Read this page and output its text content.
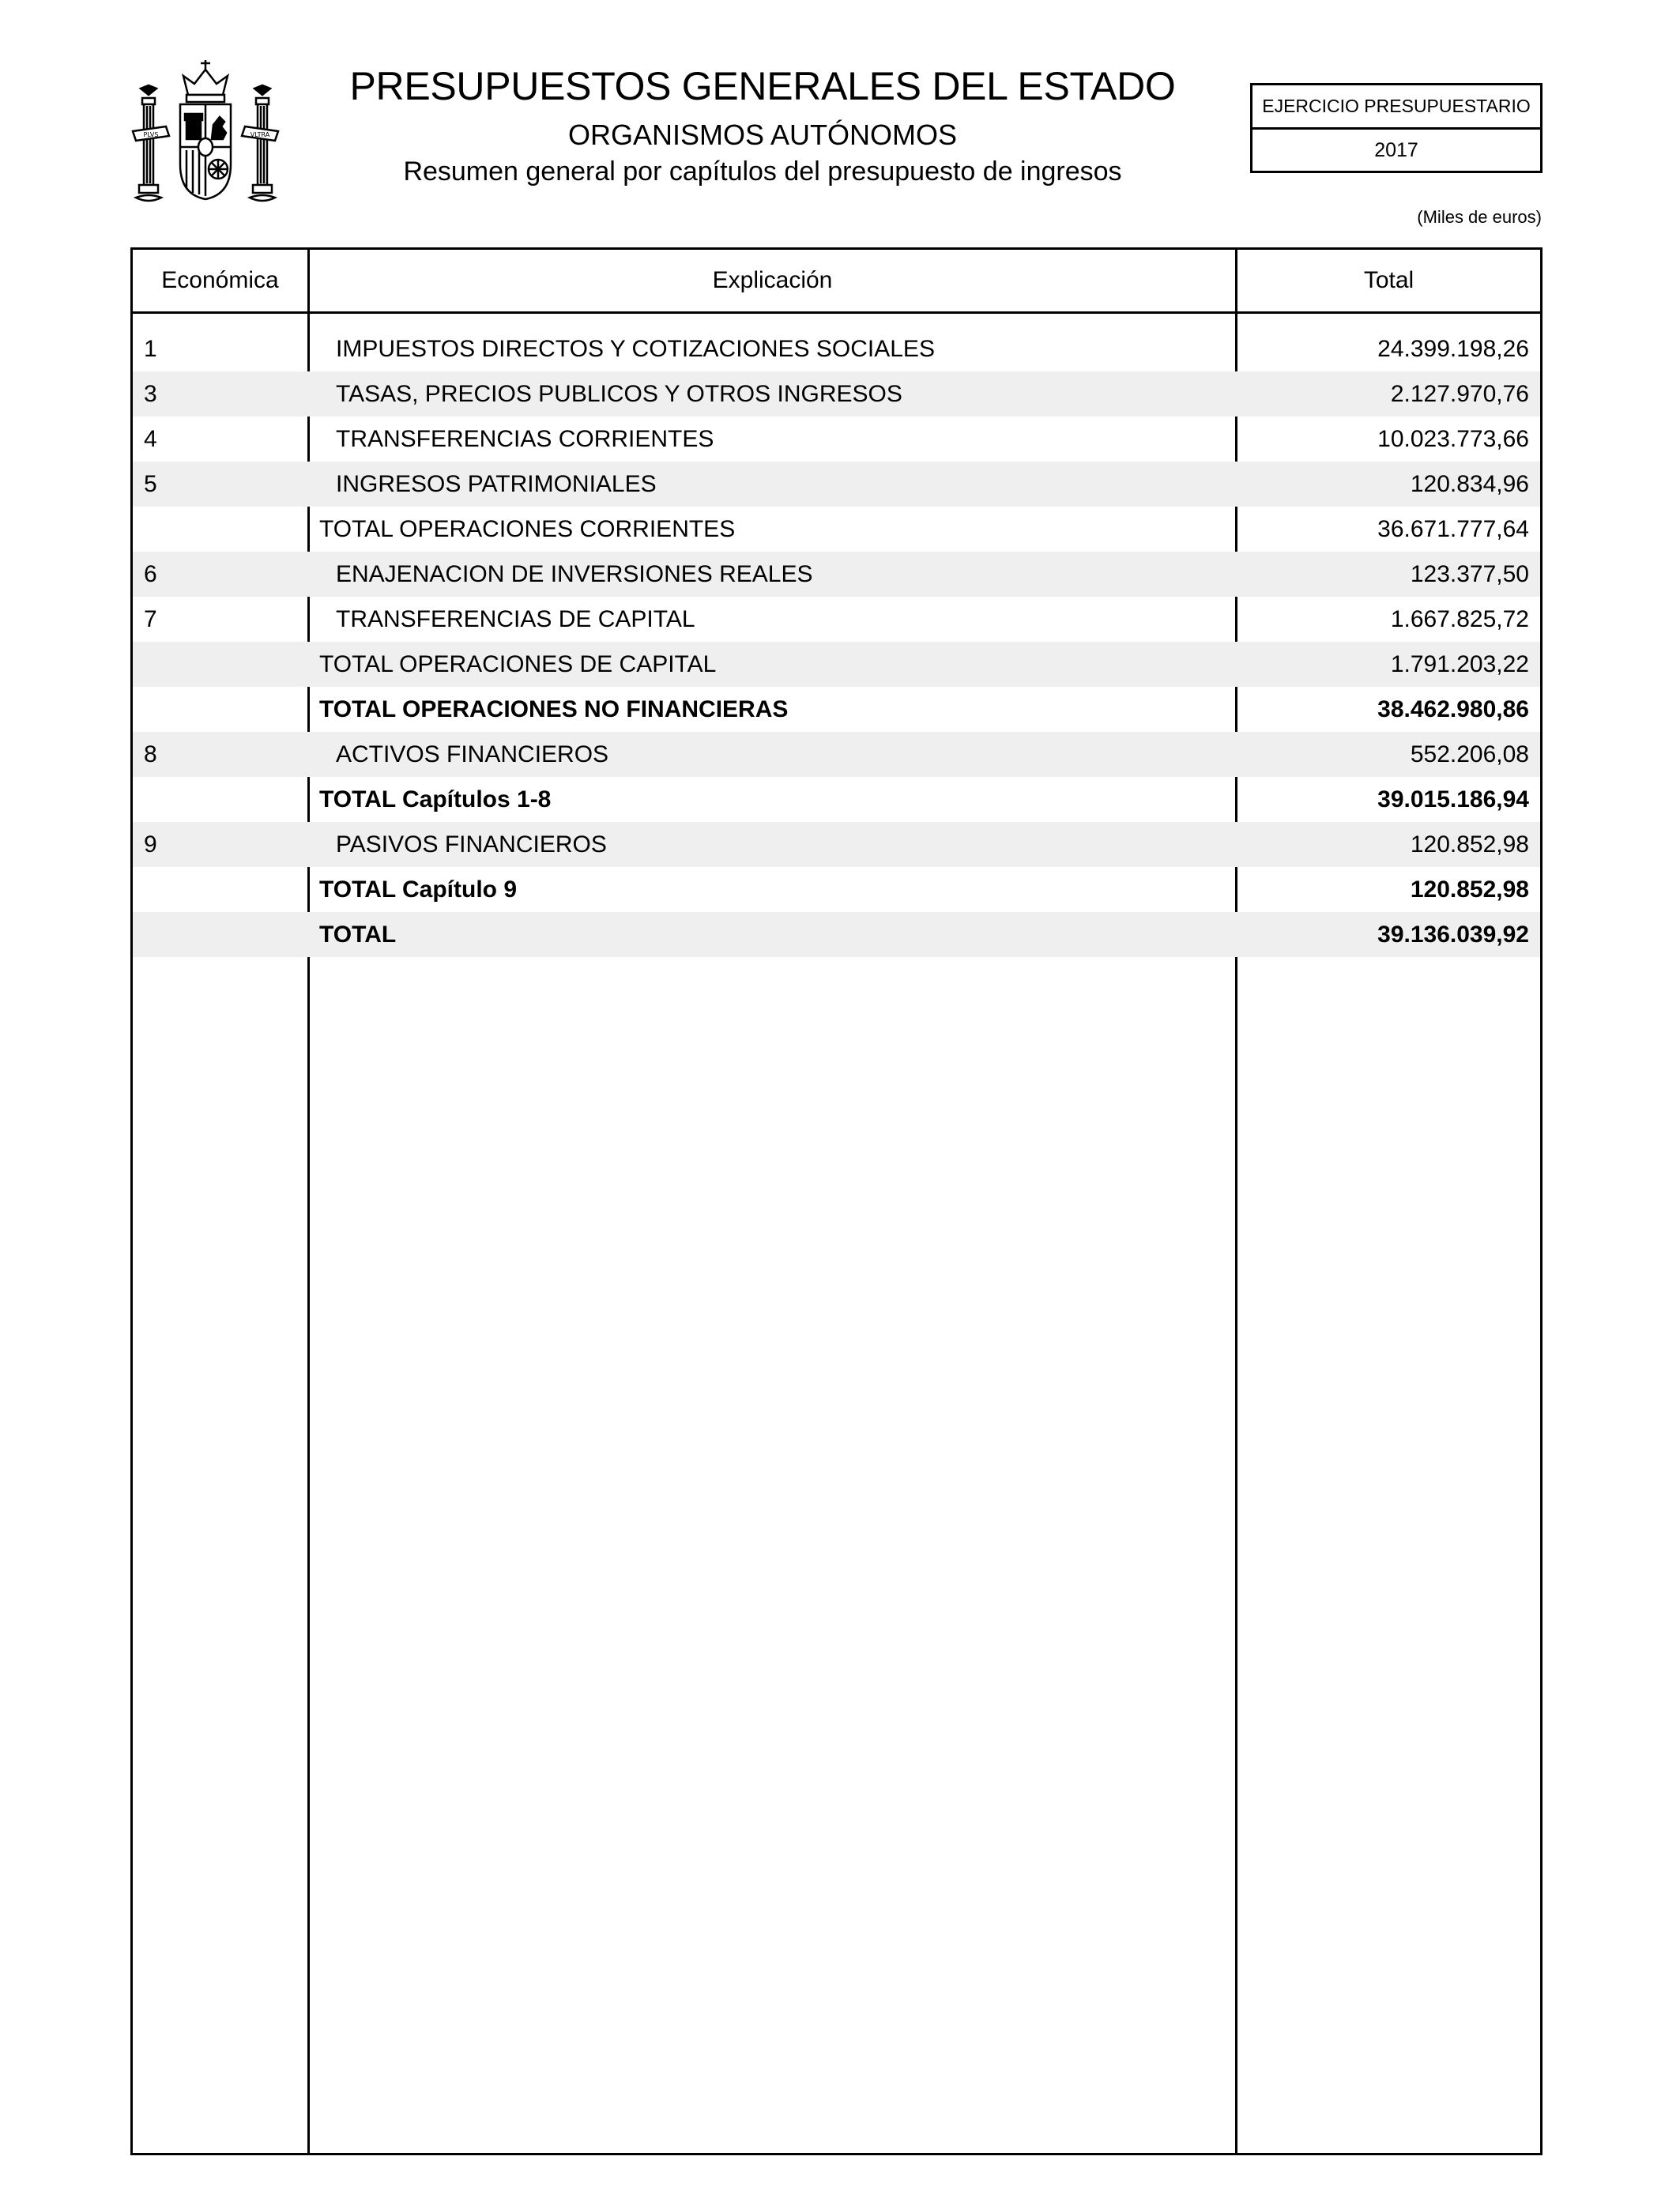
PLVS	VLTRA
PRESUPUESTOS GENERALES DEL ESTADO
ORGANISMOS AUTÓNOMOS
Resumen general por capítulos del presupuesto de ingresos
EJERCICIO PRESUPUESTARIO
2017
(Miles de euros)
Económica	Explicación	Total
1	IMPUESTOS DIRECTOS Y COTIZACIONES SOCIALES	24.399.198,26
3	TASAS, PRECIOS PUBLICOS Y OTROS INGRESOS	2.127.970,76
4	TRANSFERENCIAS CORRIENTES	10.023.773,66
5	INGRESOS PATRIMONIALES	120.834,96
TOTAL OPERACIONES CORRIENTES	36.671.777,64
6	ENAJENACION DE INVERSIONES REALES	123.377,50
7	TRANSFERENCIAS DE CAPITAL	1.667.825,72
TOTAL OPERACIONES DE CAPITAL	1.791.203,22
TOTAL OPERACIONES NO FINANCIERAS	38.462.980,86
8	ACTIVOS FINANCIEROS	552.206,08
TOTAL Capítulos 1-8	39.015.186,94
9	PASIVOS FINANCIEROS	120.852,98
TOTAL Capítulo 9	120.852,98
TOTAL	39.136.039,92
